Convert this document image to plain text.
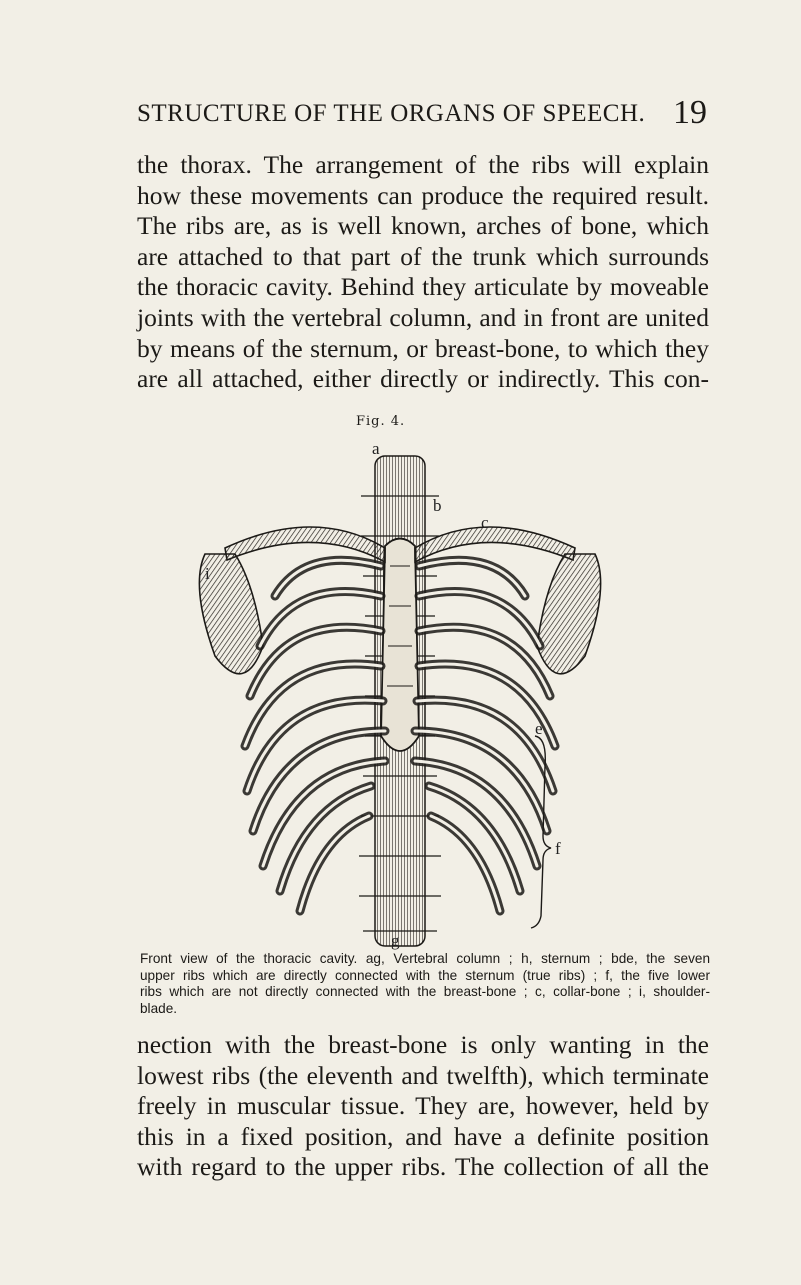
STRUCTURE OF THE ORGANS OF SPEECH. 19
the thorax. The arrangement of the ribs will explain
how these movements can produce the required result.
The ribs are, as is well known, arches of bone, which
are attached to that part of the trunk which surrounds
the thoracic cavity. Behind they articulate by moveable
joints with the vertebral column, and in front are united
by means of the sternum, or breast-bone, to which they
are all attached, either directly or indirectly. This con-
Fig. 4.
a
b
c
i
e
f
g
Front view of the thoracic cavity. ag, Vertebral column ; h, sternum ; bde, the seven
upper ribs which are directly connected with the sternum (true ribs) ; f, the five lower
ribs which are not directly connected with the breast-bone ; c, collar-bone ; i, shoulder-
blade.
nection with the breast-bone is only wanting in the
lowest ribs (the eleventh and twelfth), which terminate
freely in muscular tissue. They are, however, held by
this in a fixed position, and have a definite position
with regard to the upper ribs. The collection of all the
